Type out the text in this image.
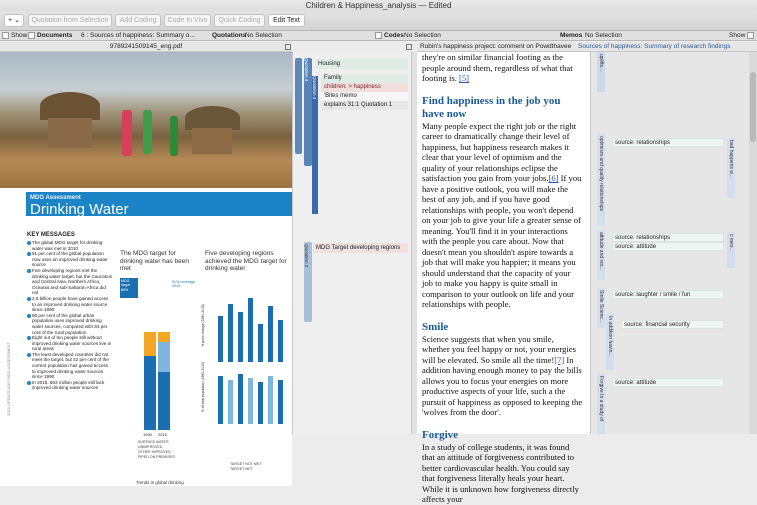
Children & Happiness_analysis — Edited
+ ⌄	Quotation from Selection	Add Coding	Code In Vivo	Quick Coding	Edit Text
Show Documents 6 : Sources of happiness: Summary o...	Quotations
No Selection	Codes No Selection	Memos No Selection	Show
9789241509145_eng.pdf
MDG Assessment
Drinking Water
KEY MESSAGES
The global MDG target for drinking water was met in 2010
91 per cent of the global population now uses an improved drinking water source
Five developing regions met the drinking water target, but the Caucasus and Central Asia, Northern Africa, Oceania and sub-Saharan Africa did not
2.6 billion people have gained access to an improved drinking water source since 1990
96 per cent of the global urban population uses improved drinking water sources, compared with 84 per cent of the rural population
Eight out of ten people still without improved drinking water sources live in rural areas
The least developed countries did not meet the target, but 42 per cent of the current population has gained access to improved drinking water sources since 1990
In 2015, 663 million people still lack improved drinking water sources
2015 UPDATE AND MDG ASSESSMENT
The MDG target for drinking water has been met
MDG target 88%
91% coverage 2015
1990 2015
SURFACE WATER
UNIMPROVED
OTHER IMPROVED
PIPED ON PREMISES
Trends in global drinking
Five developing regions achieved the MDG target for drinking water
% point change (1990-2015)
% of total population (1990-2015)
TARGET NOT MET
TARGET MET
Quotation 4
Quotation 3
Quotation 2
Housing
Family
children: > happiness
'Bites memo
explains 31:1 Quotation 1
MDG Target developing regions
Rubin's happiness project: comment on Powdthavee

they're on similar financial footing as the people around them, regardless of what that footing is. [5]

Find happiness in the job you have now

Many people expect the right job or the right career to dramatically change their level of happiness, but happiness research makes it clear that your level of optimism and the quality of your relationships eclipse the satisfaction you gain from your jobs.[6] If you have a positive outlook, you will make the best of any job, and if you have good relationships with people, you won't depend on your job to give your life a greater sense of meaning. You'll find it in your interactions with the people you care about. Now that doesn't mean you shouldn't aspire towards a job that will make you happier; it means you should understand that the capacity of your job to make you happy is quite small in comparison to your outlook on life and your relationships with people.

Smile

Science suggests that when you smile, whether you feel happy or not, your energies will be elevated. So smile all the time![7] In addition having enough money to pay the bills allows you to focus your energies on more productive aspects of your life, such a the pursuit of happiness as opposed to keeping the 'wolves from the door'.

Forgive

In a study of college students, it was found that an attitude of forgiveness contributed to better cardiovascular health. You could say that forgiveness literally heals your heart. While it is unknown how forgiveness directly affects your

Sources of happiness: Summary of research findings
uplifts...
optimism and quality relationships
attitude and res...
Smile Scienc...
In addition havin...
Forgive In a study of
source: relationships
source: relationships
source: attitude
source: laughter / smile / fun
source: financial security
source: attitude
bad happens w...
c mes...
